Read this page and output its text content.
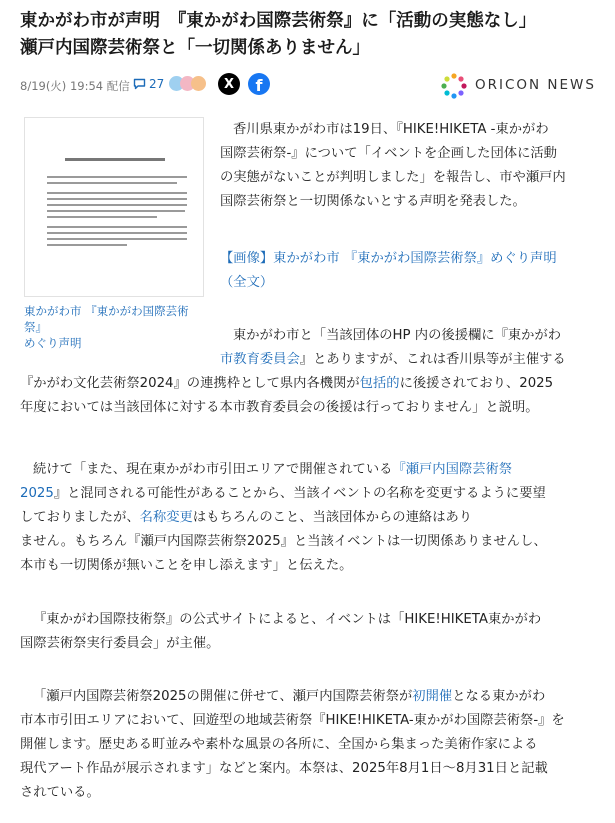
東かがわ市が声明　『東かがわ国際芸術祭』に「活動の実態なし」
瀬戸内国際芸術祭と「一切関係ありません」
8/19(火) 19:54 配信 27	X	f	ORICON NEWS
東かがわ市 『東かがわ国際芸術祭』
めぐり声明
香川県東かがわ市は19日、『HIKE!HIKETA -東かがわ
国際芸術祭-』について「イベントを企画した団体に活動
の実態がないことが判明しました」を報告し、市や瀬戸内
国際芸術祭と一切関係ないとする声明を発表した。
【画像】東かがわ市 『東かがわ国際芸術祭』めぐり声明
（全文）
東かがわ市と「当該団体のHP 内の後援欄に『東かがわ
市教育委員会』とありますが、これは香川県等が主催する
『かがわ文化芸術祭2024』の連携枠として県内各機関が包括的に後援されており、2025
年度においては当該団体に対する本市教育委員会の後援は行っておりません」と説明。
続けて「また、現在東かがわ市引田エリアで開催されている『瀬戸内国際芸術祭
2025』と混同される可能性があることから、当該イベントの名称を変更するように要望
しておりましたが、名称変更はもちろんのこと、当該団体からの連絡はあり
ません。もちろん『瀬戸内国際芸術祭2025』と当該イベントは一切関係ありませんし、
本市も一切関係が無いことを申し添えます」と伝えた。
『東かがわ国際技術祭』の公式サイトによると、イベントは「HIKE!HIKETA東かがわ
国際芸術祭実行委員会」が主催。
「瀬戸内国際芸術祭2025の開催に併せて、瀬戸内国際芸術祭が初開催となる東かがわ
市本市引田エリアにおいて、回遊型の地域芸術祭『HIKE!HIKETA-東かがわ国際芸術祭-』を
開催します。歴史ある町並みや素朴な風景の各所に、全国から集まった美術作家による
現代アート作品が展示されます」などと案内。本祭は、2025年8月1日～8月31日と記載
されている。
